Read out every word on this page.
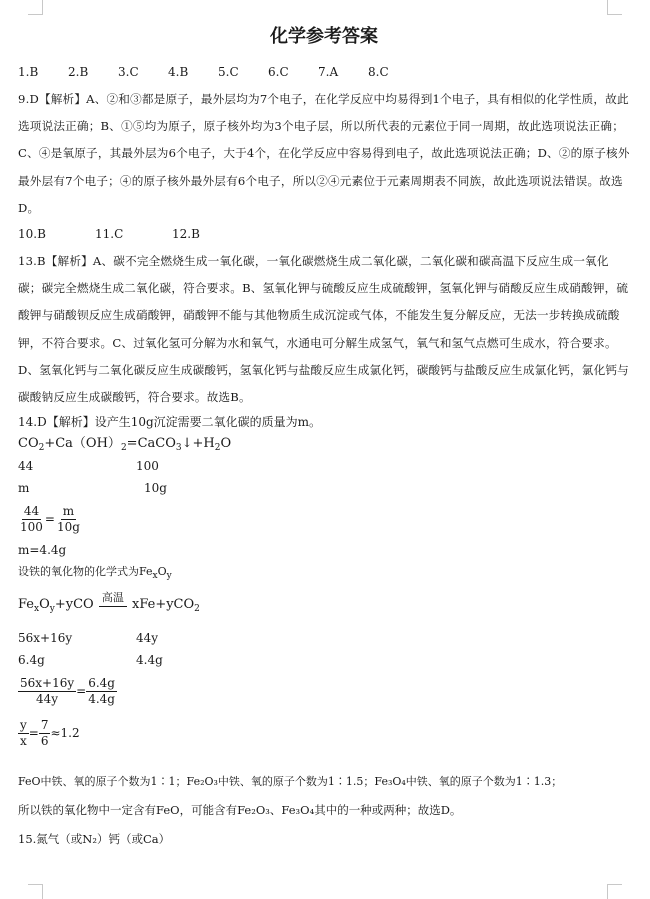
化学参考答案
1.B	2.B	3.C	4.B	5.C	6.C	7.A	8.C

9.D【解析】A、②和③都是原子，最外层均为7个电子，在化学反应中均易得到1个电子，具有相似的化学性质，故此选项说法正确；B、①⑤均为原子，原子核外均为3个电子层，所以所代表的元素位于同一周期，故此选项说法正确；C、④是氧原子，其最外层为6个电子，大于4个，在化学反应中容易得到电子，故此选项说法正确；D、②的原子核外最外层有7个电子；④的原子核外最外层有6个电子，所以②④元素位于元素周期表不同族，故此选项说法错误。故选D。

10.B	11.C	12.B

13.B【解析】A、碳不完全燃烧生成一氧化碳，一氧化碳燃烧生成二氧化碳，二氧化碳和碳高温下反应生成一氧化碳；碳完全燃烧生成二氧化碳，符合要求。B、氢氧化钾与硫酸反应生成硫酸钾，氢氧化钾与硝酸反应生成硝酸钾，硫酸钾与硝酸钡反应生成硝酸钾，硝酸钾不能与其他物质生成沉淀或气体，不能发生复分解反应，无法一步转换成硫酸钾，不符合要求。C、过氧化氢可分解为水和氧气，水通电可分解生成氢气，氧气和氢气点燃可生成水，符合要求。D、氢氧化钙与二氧化碳反应生成碳酸钙，氢氧化钙与盐酸反应生成氯化钙，碳酸钙与盐酸反应生成氯化钙，氯化钙与碳酸钠反应生成碳酸钙，符合要求。故选B。

14.D【解析】设产生10g沉淀需要二氧化碳的质量为m。
$CO_2+Ca(OH)_2=CaCO_3↓+H_2O$
44	100
m	10g
$\frac{44}{100} = \frac{m}{10g}$
m=4.4g
设铁的氧化物的化学式为$Fe_xO_y$
$Fe_xO_y+yCO$ 高温 xFe+yCO$_2$
56x+16y	44y
6.4g	4.4g
$\frac{56x+16y}{44y} = \frac{6.4g}{4.4g}$
$\frac{y}{x} = \frac{7}{6} \approx 1.2$
FeO中铁、氧的原子个数为1∶1；Fe₂O₃中铁、氧的原子个数为1∶1.5；Fe₃O₄中铁、氧的原子个数为1∶1.3；
所以铁的氧化物中一定含有FeO，可能含有Fe₂O₃、Fe₃O₄其中的一种或两种；故选D。
15.氮气（或N₂）钙（或Ca）
